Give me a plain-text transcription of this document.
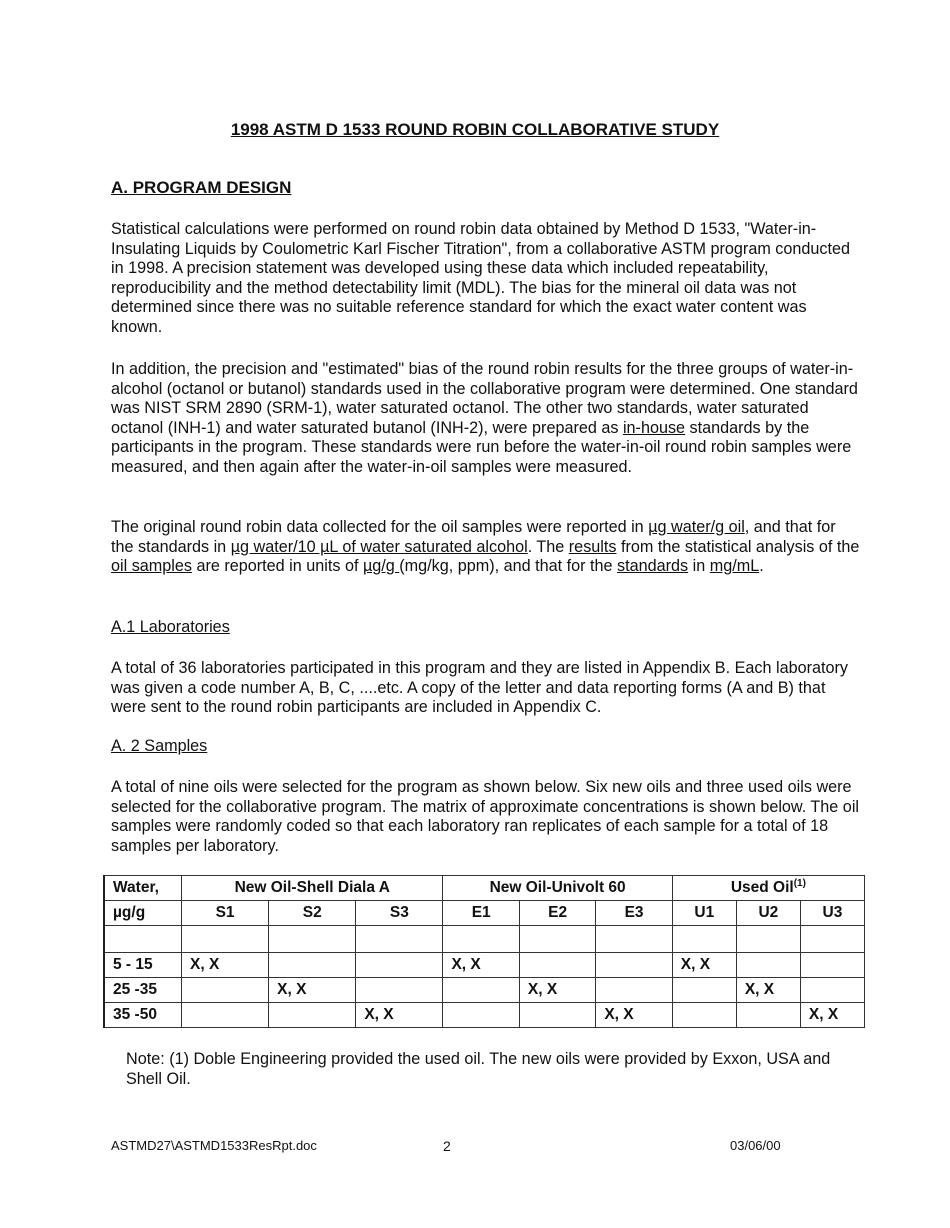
1998 ASTM D 1533 ROUND ROBIN COLLABORATIVE STUDY
A. PROGRAM DESIGN

Statistical calculations were performed on round robin data obtained by Method D 1533, "Water-in-Insulating Liquids by Coulometric Karl Fischer Titration", from a collaborative ASTM program conducted in 1998. A precision statement was developed using these data which included repeatability, reproducibility and the method detectability limit (MDL). The bias for the mineral oil data was not determined since there was no suitable reference standard for which the exact water content was known.

In addition, the precision and "estimated" bias of the round robin results for the three groups of water-in-alcohol (octanol or butanol) standards used in the collaborative program were determined. One standard was NIST SRM 2890 (SRM-1), water saturated octanol. The other two standards, water saturated octanol (INH-1) and water saturated butanol (INH-2), were prepared as in-house standards by the participants in the program. These standards were run before the water-in-oil round robin samples were measured, and then again after the water-in-oil samples were measured.

The original round robin data collected for the oil samples were reported in µg water/g oil, and that for the standards in µg water/10 µL of water saturated alcohol. The results from the statistical analysis of the oil samples are reported in units of µg/g (mg/kg, ppm), and that for the standards in mg/mL.

A.1 Laboratories

A total of 36 laboratories participated in this program and they are listed in Appendix B. Each laboratory was given a code number A, B, C, ....etc. A copy of the letter and data reporting forms (A and B) that were sent to the round robin participants are included in Appendix C.

A. 2 Samples

A total of nine oils were selected for the program as shown below. Six new oils and three used oils were selected for the collaborative program. The matrix of approximate concentrations is shown below. The oil samples were randomly coded so that each laboratory ran replicates of each sample for a total of 18 samples per laboratory.

Water,	New Oil-Shell Diala A			New Oil-Univolt 60			Used Oil$^{(1)}$
µg/g	S1	S2	S3	E1	E2	E3	U1	U2	U3

5 - 15	X, X			X, X			X, X		
25 -35		X, X			X, X			X, X	
35 -50			X, X			X, X			X, X

Note: (1) Doble Engineering provided the used oil. The new oils were provided by Exxon, USA and Shell Oil.

ASTMD27\ASTMD1533ResRpt.doc	2	03/06/00
